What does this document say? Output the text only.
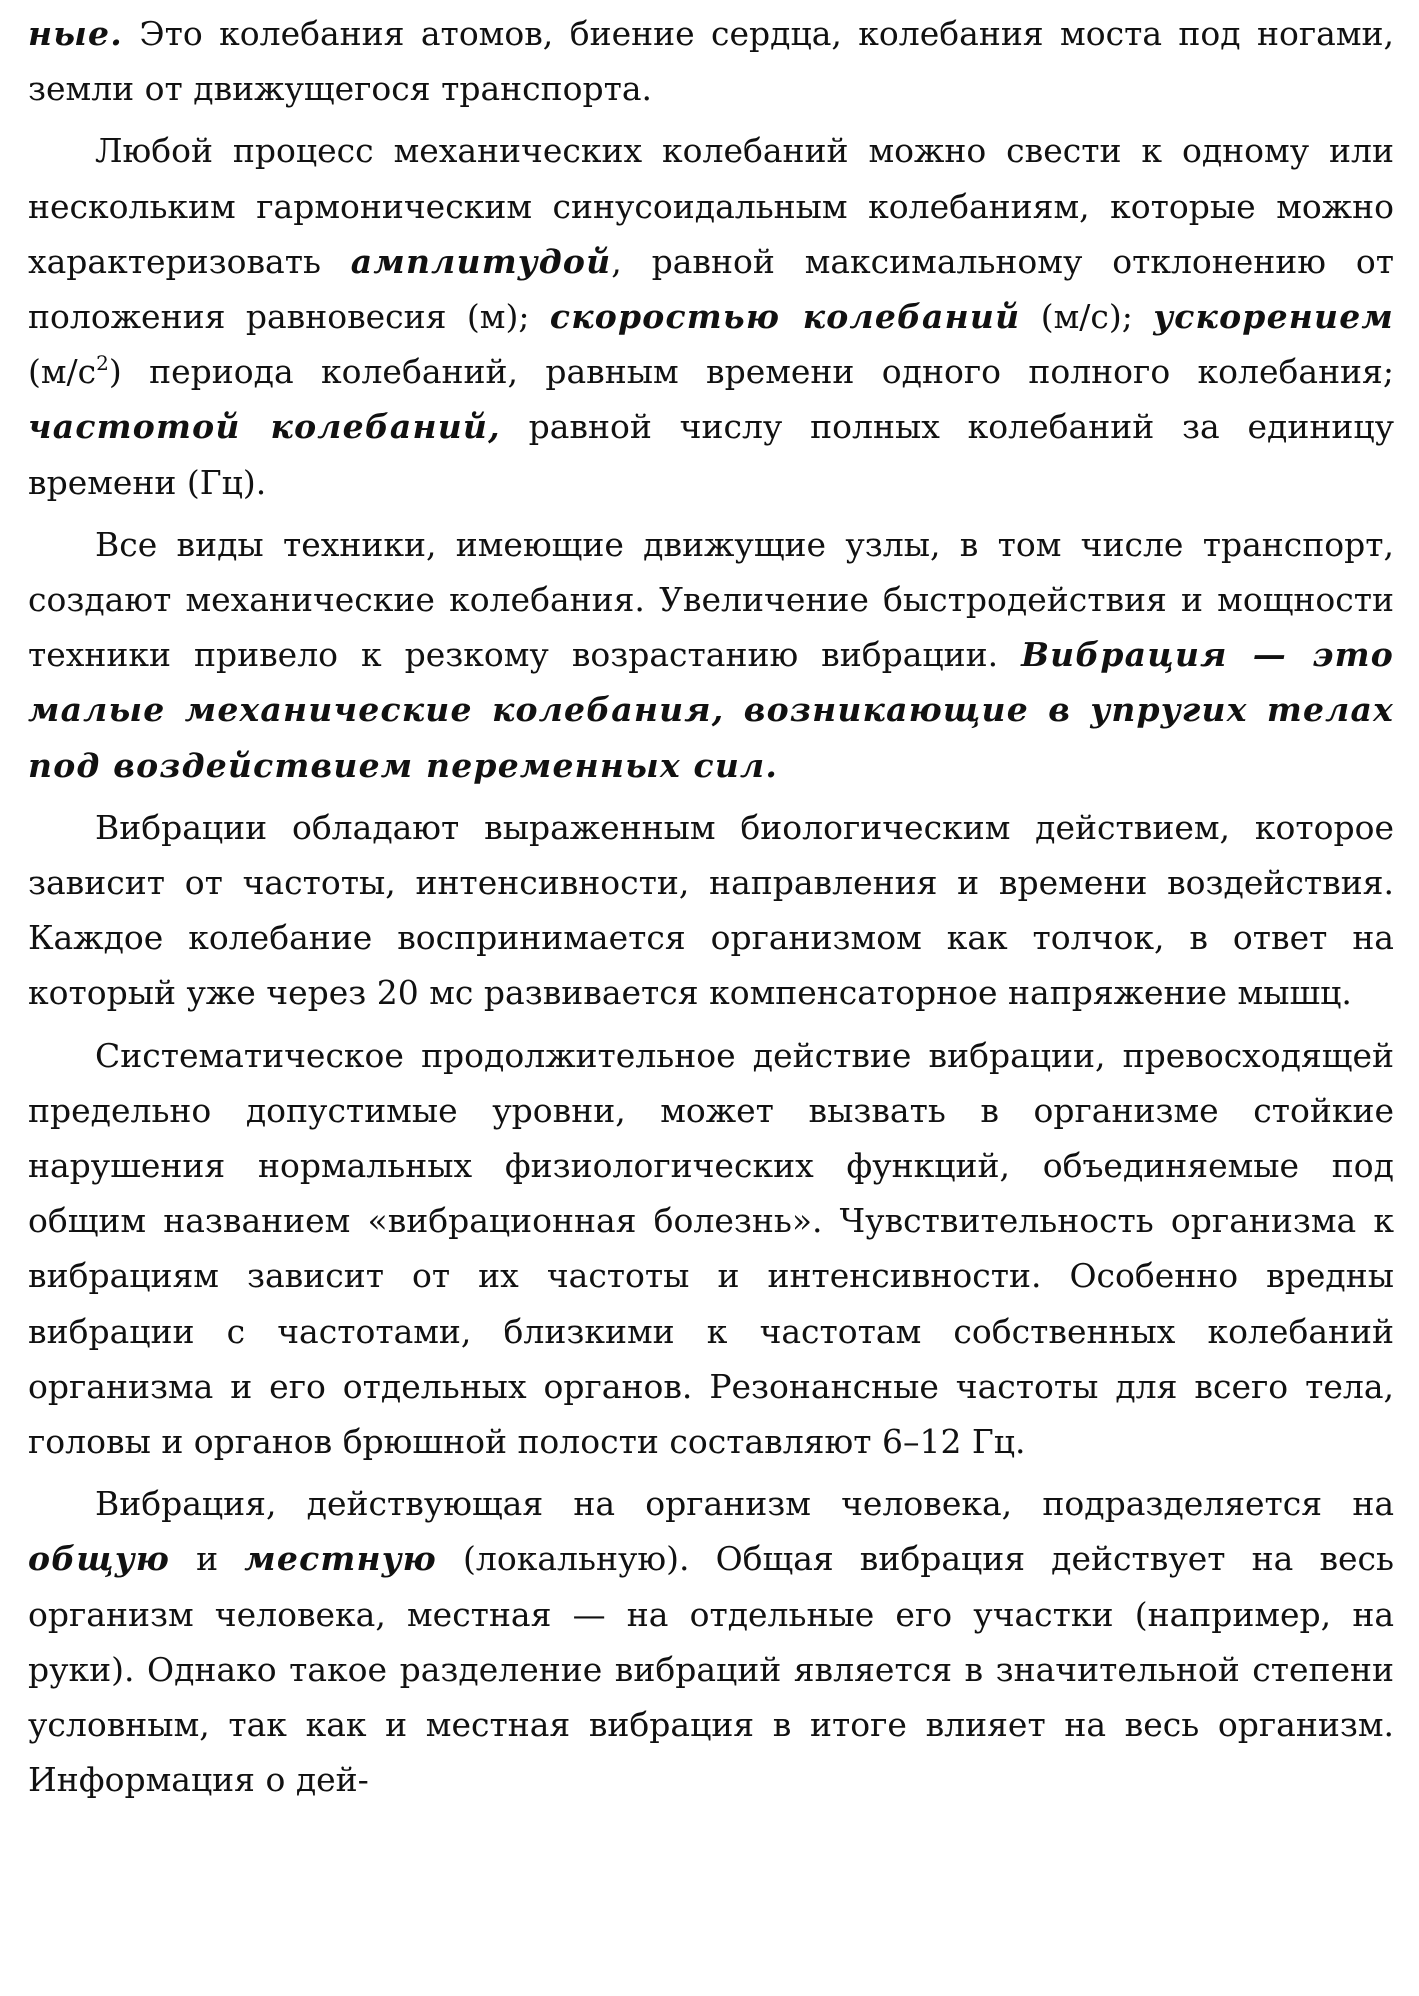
ные. Это колебания атомов, биение сердца, колебания моста под ногами, земли от движущегося транспорта.

Любой процесс механических колебаний можно свести к одному или нескольким гармоническим синусоидальным колебаниям, которые можно характеризовать амплитудой, равной максимальному отклонению от положения равновесия (м); скоростью колебаний (м/с); ускорением $(м/с^2)$ периода колебаний, равным времени одного полного колебания; частотой колебаний, равной числу полных колебаний за единицу времени (Гц).

Все виды техники, имеющие движущие узлы, в том числе транспорт, создают механические колебания. Увеличение быстродействия и мощности техники привело к резкому возрастанию вибрации. Вибрация — это малые механические колебания, возникающие в упругих телах под воздействием переменных сил.

Вибрации обладают выраженным биологическим действием, которое зависит от частоты, интенсивности, направления и времени воздействия. Каждое колебание воспринимается организмом как толчок, в ответ на который уже через 20 мс развивается компенсаторное напряжение мышц.

Систематическое продолжительное действие вибрации, превосходящей предельно допустимые уровни, может вызвать в организме стойкие нарушения нормальных физиологических функций, объединяемые под общим названием «вибрационная болезнь». Чувствительность организма к вибрациям зависит от их частоты и интенсивности. Особенно вредны вибрации с частотами, близкими к частотам собственных колебаний организма и его отдельных органов. Резонансные частоты для всего тела, головы и органов брюшной полости составляют 6–12 Гц.

Вибрация, действующая на организм человека, подразделяется на общую и местную (локальную). Общая вибрация действует на весь организм человека, местная — на отдельные его участки (например, на руки). Однако такое разделение вибраций является в значительной степени условным, так как и местная вибрация в итоге влияет на весь организм. Информация о дей-
